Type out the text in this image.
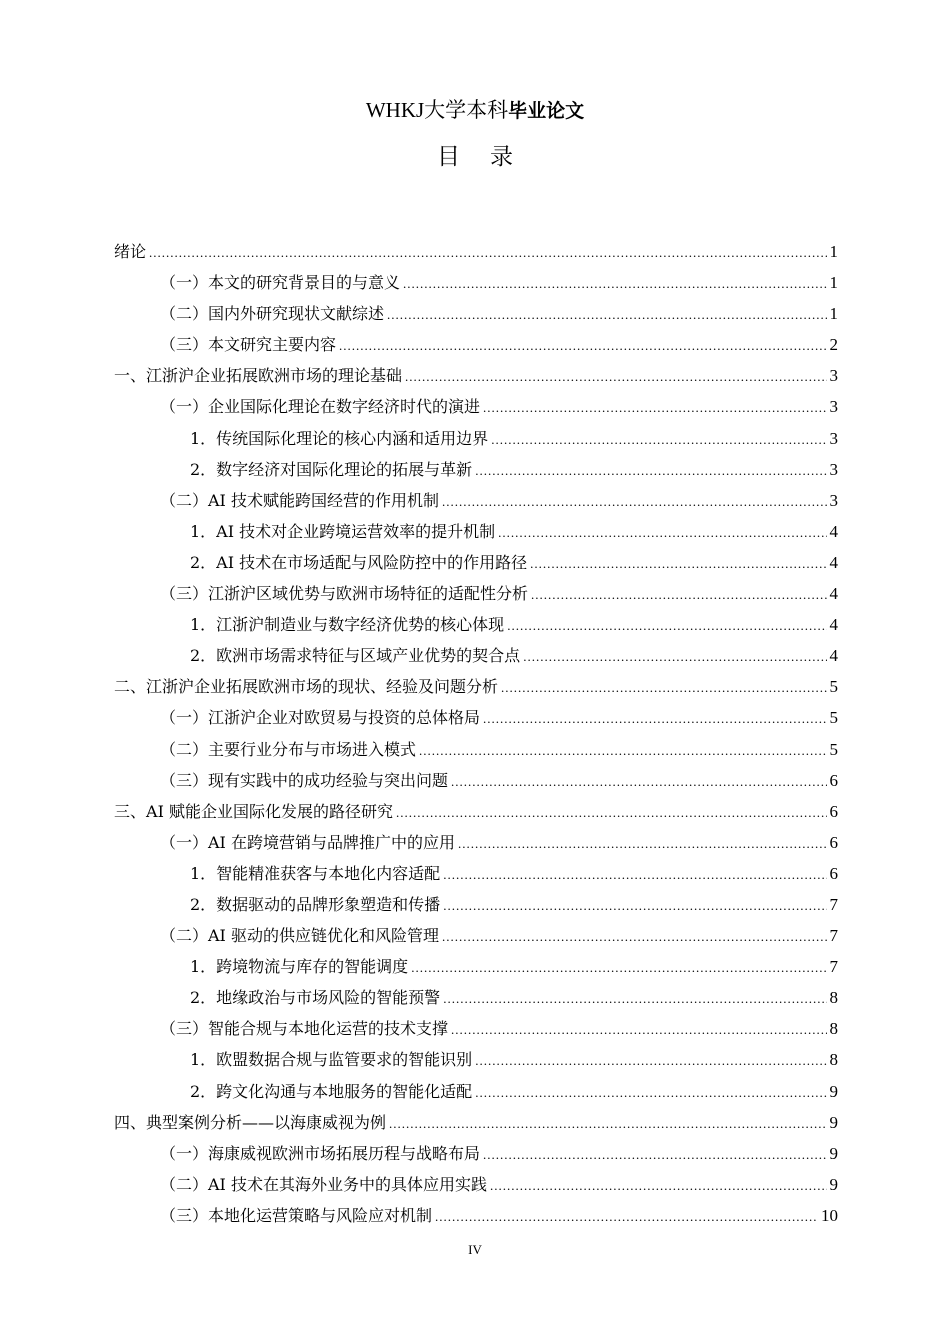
WHKJ大学本科毕业论文
目录
绪论 .....	1
（一）本文的研究背景目的与意义 .....	1
（二）国内外研究现状文献综述 .....	1
（三）本文研究主要内容 .....	2
一、 江浙沪企业拓展欧洲市场的理论基础 .....	3
（一）企业国际化理论在数字经济时代的演进 .....	3
1．传统国际化理论的核心内涵和适用边界 .....	3
2．数字经济对国际化理论的拓展与革新 .....	3
（二）AI 技术赋能跨国经营的作用机制 .....	3
1．AI 技术对企业跨境运营效率的提升机制 .....	4
2．AI 技术在市场适配与风险防控中的作用路径 .....	4
（三）江浙沪区域优势与欧洲市场特征的适配性分析 .....	4
1．江浙沪制造业与数字经济优势的核心体现 .....	4
2．欧洲市场需求特征与区域产业优势的契合点 .....	4
二、 江浙沪企业拓展欧洲市场的现状、经验及问题分析 .....	5
（一）江浙沪企业对欧贸易与投资的总体格局 .....	5
（二）主要行业分布与市场进入模式 .....	5
（三）现有实践中的成功经验与突出问题 .....	6
三、 AI 赋能企业国际化发展的路径研究 .....	6
（一）AI 在跨境营销与品牌推广中的应用 .....	6
1．智能精准获客与本地化内容适配 .....	6
2．数据驱动的品牌形象塑造和传播 .....	7
（二）AI 驱动的供应链优化和风险管理 .....	7
1．跨境物流与库存的智能调度 .....	7
2．地缘政治与市场风险的智能预警 .....	8
（三）智能合规与本地化运营的技术支撑 .....	8
1．欧盟数据合规与监管要求的智能识别 .....	8
2．跨文化沟通与本地服务的智能化适配 .....	9
四、 典型案例分析——以海康威视为例 .....	9
（一）海康威视欧洲市场拓展历程与战略布局 .....	9
（二）AI 技术在其海外业务中的具体应用实践 .....	9
（三）本地化运营策略与风险应对机制 .....	10
IV
